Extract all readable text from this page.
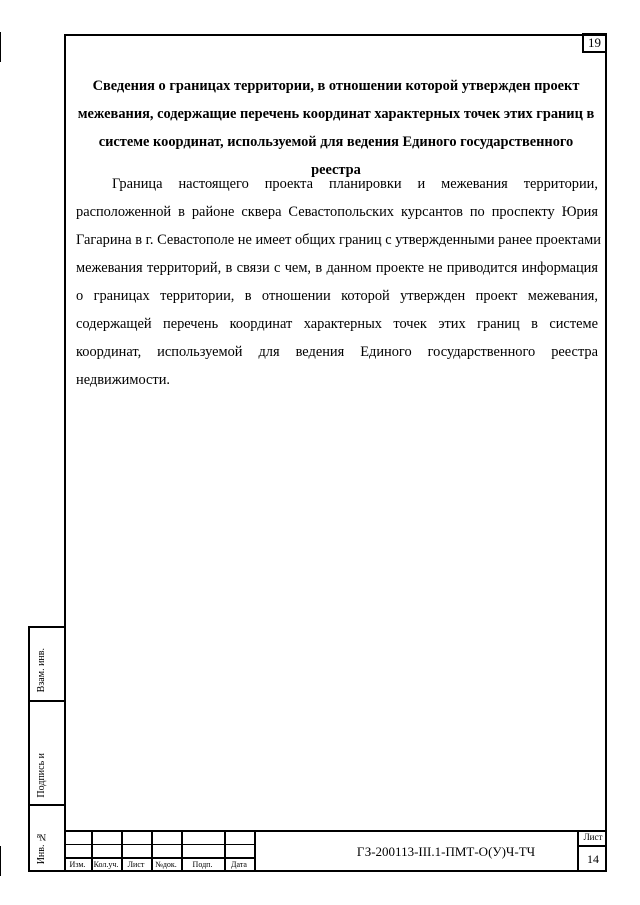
19
Сведения о границах территории, в отношении которой утвержден проект
межевания, содержащие перечень координат характерных точек этих границ в
системе координат, используемой для ведения Единого государственного
реестра
Граница настоящего проекта планировки и межевания территории,
расположенной в районе сквера Севастопольских курсантов по проспекту Юрия
Гагарина в г. Севастополе не имеет общих границ с утвержденными ранее проектами
межевания территорий, в связи с чем, в данном проекте не приводится информация
о границах территории, в отношении которой утвержден проект межевания,
содержащей перечень координат характерных точек этих границ в системе
координат, используемой для ведения Единого государственного реестра
недвижимости.
Взам. инв.
Подпись и
Инв. №
Изм.	Кол.уч.	Лист	№док.	Подп.	Дата
ГЗ-200113-III.1-ПМТ-О(У)Ч-ТЧ
Лист
14
